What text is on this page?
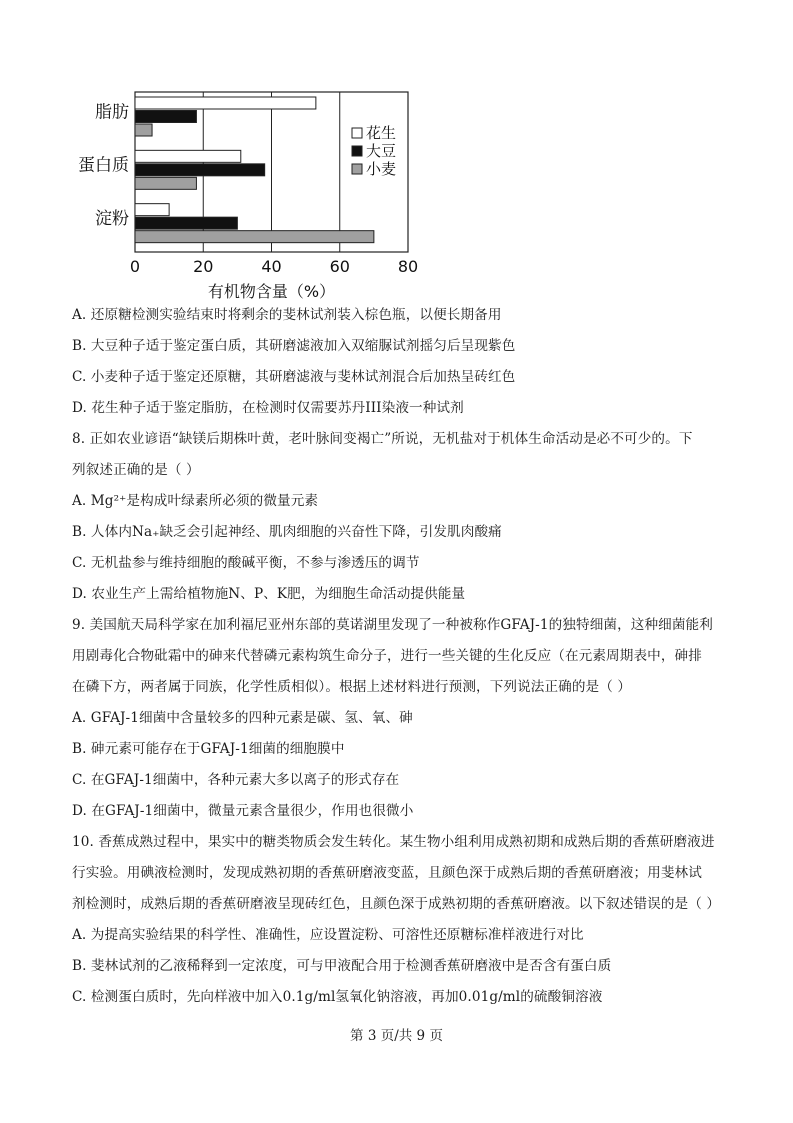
脂肪
蛋白质
淀粉
0	20	40	60	80
有机物含量（%）
花生
大豆
小麦
A. 还原糖检测实验结束时将剩余的斐林试剂装入棕色瓶，以便长期备用
B. 大豆种子适于鉴定蛋白质，其研磨滤液加入双缩脲试剂摇匀后呈现紫色
C. 小麦种子适于鉴定还原糖，其研磨滤液与斐林试剂混合后加热呈砖红色
D. 花生种子适于鉴定脂肪，在检测时仅需要苏丹III染液一种试剂
8. 正如农业谚语“缺镁后期株叶黄，老叶脉间变褐亡”所说，无机盐对于机体生命活动是必不可少的。下
列叙述正确的是（ ）
A. Mg²⁺是构成叶绿素所必须的微量元素
B. 人体内Na₊缺乏会引起神经、肌肉细胞的兴奋性下降，引发肌肉酸痛
C. 无机盐参与维持细胞的酸碱平衡，不参与渗透压的调节
D. 农业生产上需给植物施N、P、K肥，为细胞生命活动提供能量
9. 美国航天局科学家在加利福尼亚州东部的莫诺湖里发现了一种被称作GFAJ-1的独特细菌，这种细菌能利
用剧毒化合物砒霜中的砷来代替磷元素构筑生命分子，进行一些关键的生化反应（在元素周期表中，砷排
在磷下方，两者属于同族，化学性质相似）。根据上述材料进行预测，下列说法正确的是（ ）
A. GFAJ-1细菌中含量较多的四种元素是碳、氢、氧、砷
B. 砷元素可能存在于GFAJ-1细菌的细胞膜中
C. 在GFAJ-1细菌中，各种元素大多以离子的形式存在
D. 在GFAJ-1细菌中，微量元素含量很少，作用也很微小
10. 香蕉成熟过程中，果实中的糖类物质会发生转化。某生物小组利用成熟初期和成熟后期的香蕉研磨液进
行实验。用碘液检测时，发现成熟初期的香蕉研磨液变蓝，且颜色深于成熟后期的香蕉研磨液；用斐林试
剂检测时，成熟后期的香蕉研磨液呈现砖红色，且颜色深于成熟初期的香蕉研磨液。以下叙述错误的是（ ）
A. 为提高实验结果的科学性、准确性，应设置淀粉、可溶性还原糖标准样液进行对比
B. 斐林试剂的乙液稀释到一定浓度，可与甲液配合用于检测香蕉研磨液中是否含有蛋白质
C. 检测蛋白质时，先向样液中加入0.1g/ml氢氧化钠溶液，再加0.01g/ml的硫酸铜溶液
第 3 页/共 9 页
